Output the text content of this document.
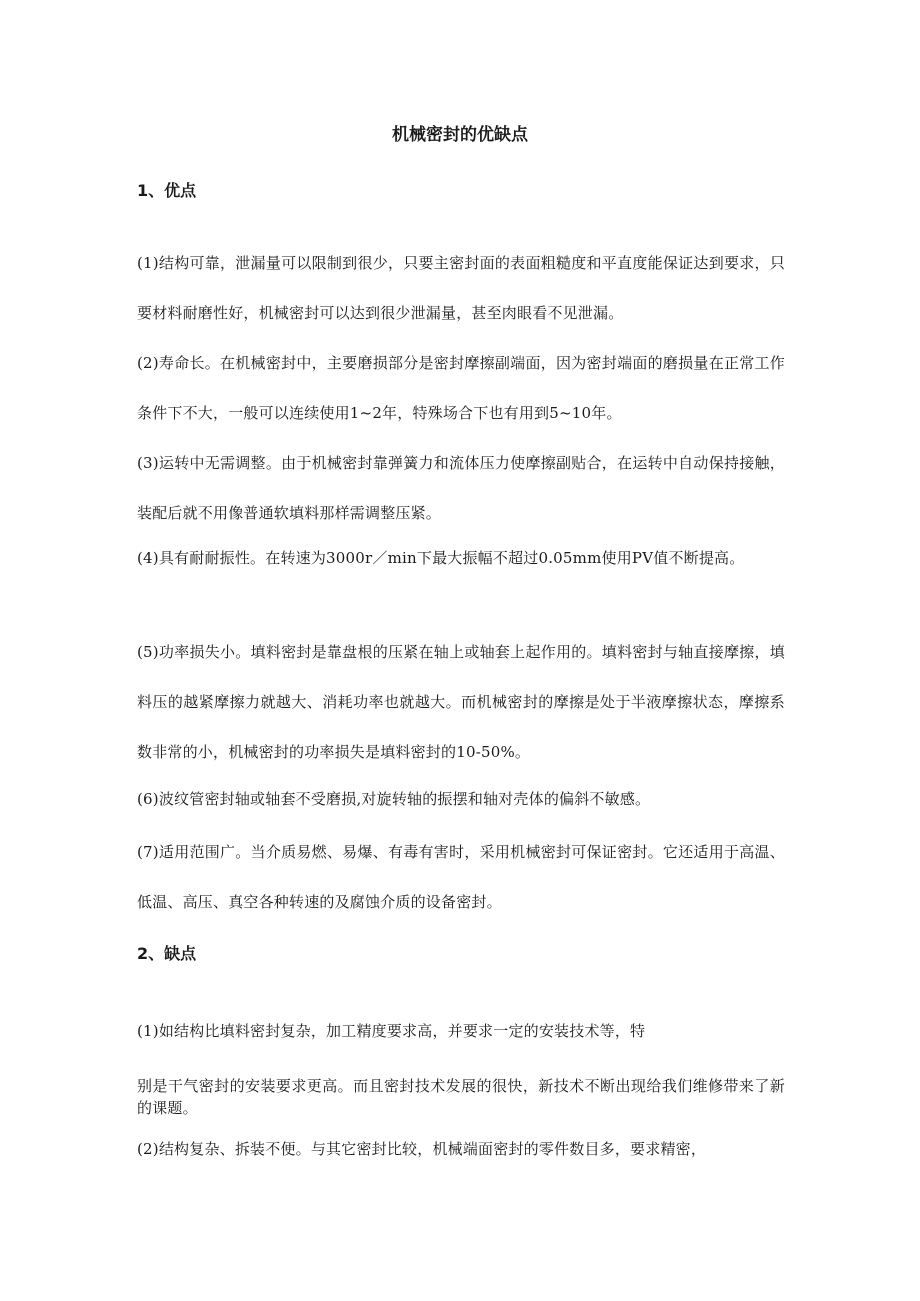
机械密封的优缺点
1、优点
(1)结构可靠，泄漏量可以限制到很少，只要主密封面的表面粗糙度和平直度能保证达到要求，只要材料耐磨性好，机械密封可以达到很少泄漏量，甚至肉眼看不见泄漏。
(2)寿命长。在机械密封中，主要磨损部分是密封摩擦副端面，因为密封端面的磨损量在正常工作条件下不大，一般可以连续使用1~2年，特殊场合下也有用到5~10年。
(3)运转中无需调整。由于机械密封靠弹簧力和流体压力使摩擦副贴合，在运转中自动保持接触，装配后就不用像普通软填料那样需调整压紧。
(4)具有耐耐振性。在转速为3000r／min下最大振幅不超过0.05mm使用PV值不断提高。
(5)功率损失小。填料密封是靠盘根的压紧在轴上或轴套上起作用的。填料密封与轴直接摩擦，填料压的越紧摩擦力就越大、消耗功率也就越大。而机械密封的摩擦是处于半液摩擦状态，摩擦系数非常的小，机械密封的功率损失是填料密封的10-50%。
(6)波纹管密封轴或轴套不受磨损,对旋转轴的振摆和轴对壳体的偏斜不敏感。
(7)适用范围广。当介质易燃、易爆、有毒有害时，采用机械密封可保证密封。它还适用于高温、低温、高压、真空各种转速的及腐蚀介质的设备密封。
2、缺点
(1)如结构比填料密封复杂，加工精度要求高，并要求一定的安装技术等，特
别是干气密封的安装要求更高。而且密封技术发展的很快，新技术不断出现给我们维修带来了新的课题。
(2)结构复杂、拆装不便。与其它密封比较，机械端面密封的零件数目多，要求精密，
